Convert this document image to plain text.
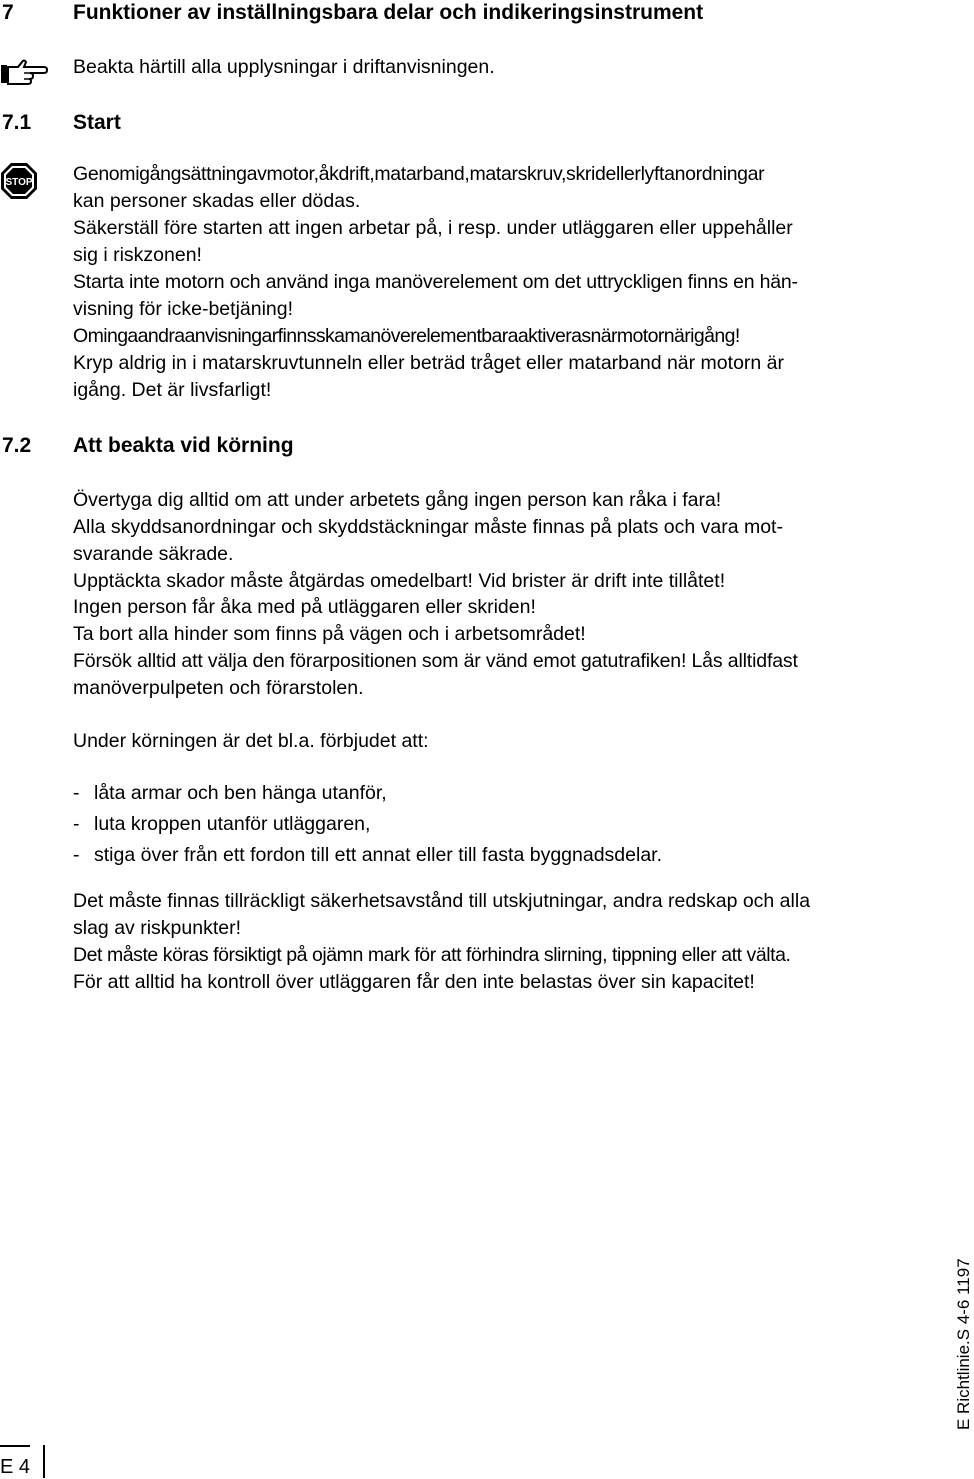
7	Funktioner av inställningsbara delar och indikeringsinstrument
Beakta härtill alla upplysningar i driftanvisningen.
7.1 Start
STOP Genomigångsättningavmotor,åkdrift,matarband,matarskruv,skridellerlyftanordningar
kan personer skadas eller dödas.
Säkerställ före starten att ingen arbetar på, i resp. under utläggaren eller uppehåller
sig i riskzonen!
Starta inte motorn och använd inga manöverelement om det uttryckligen finns en hän-
visning för icke-betjäning!
Omingaandraanvisningarfinnsskamanöverelementbaraaktiverasnärmotornärigång!
Kryp aldrig in i matarskruvtunneln eller beträd tråget eller matarband när motorn är
igång. Det är livsfarligt!
7.2 Att beakta vid körning
Övertyga dig alltid om att under arbetets gång ingen person kan råka i fara!
Alla skyddsanordningar och skyddstäckningar måste finnas på plats och vara mot-
svarande säkrade.
Upptäckta skador måste åtgärdas omedelbart! Vid brister är drift inte tillåtet!
Ingen person får åka med på utläggaren eller skriden!
Ta bort alla hinder som finns på vägen och i arbetsområdet!
Försök alltid att välja den förarpositionen som är vänd emot gatutrafiken! Lås alltidfast
manöverpulpeten och förarstolen.
Under körningen är det bl.a. förbjudet att:
- låta armar och ben hänga utanför,
- luta kroppen utanför utläggaren,
- stiga över från ett fordon till ett annat eller till fasta byggnadsdelar.
Det måste finnas tillräckligt säkerhetsavstånd till utskjutningar, andra redskap och alla
slag av riskpunkter!
Det måste köras försiktigt på ojämn mark för att förhindra slirning, tippning eller att välta.
För att alltid ha kontroll över utläggaren får den inte belastas över sin kapacitet!
E Richtlinie.S 4-6 1197
E 4
